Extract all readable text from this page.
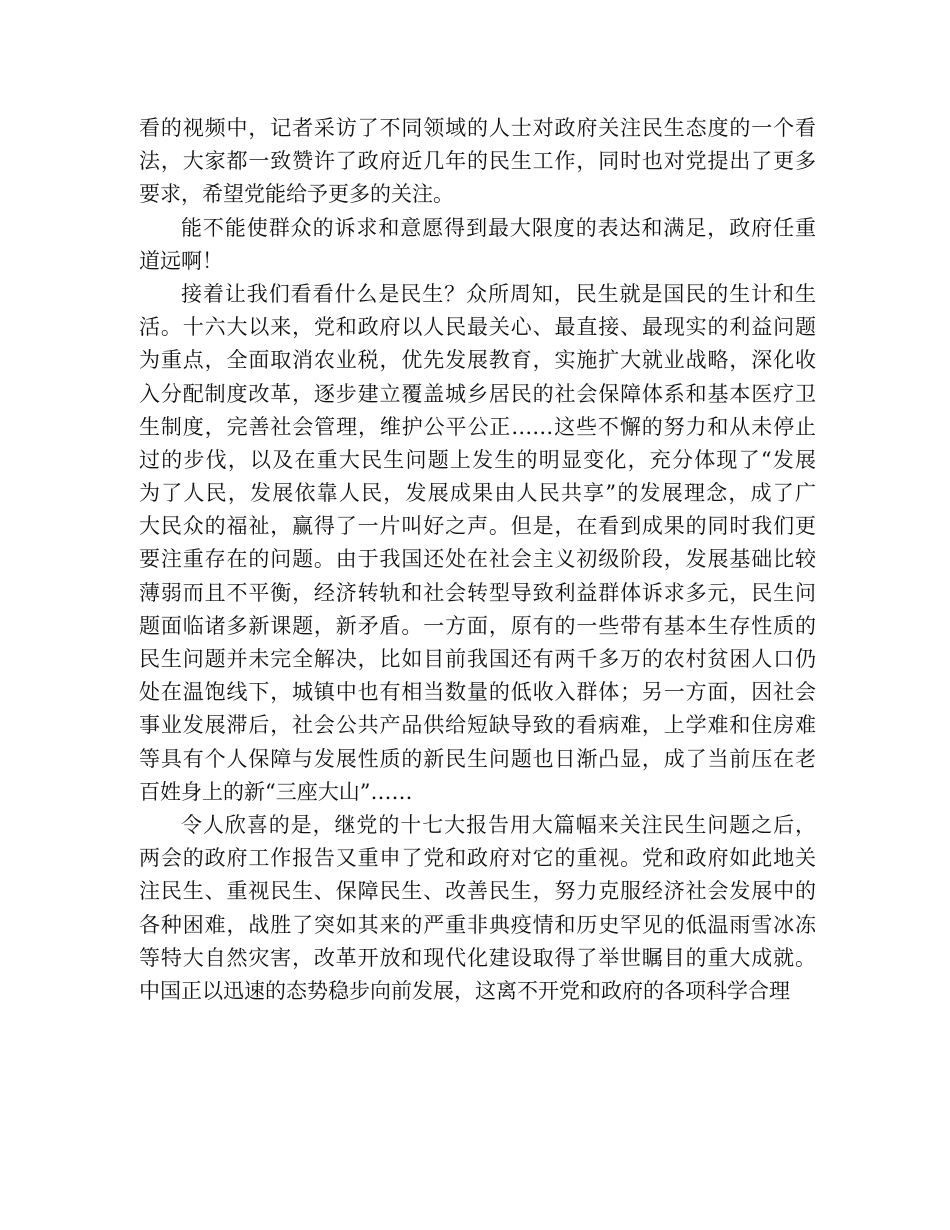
看的视频中，记者采访了不同领域的人士对政府关注民生态度的一个看
法，大家都一致赞许了政府近几年的民生工作，同时也对党提出了更多
要求，希望党能给予更多的关注。
能不能使群众的诉求和意愿得到最大限度的表达和满足，政府任重
道远啊！
接着让我们看看什么是民生？众所周知，民生就是国民的生计和生
活。十六大以来，党和政府以人民最关心、最直接、最现实的利益问题
为重点，全面取消农业税，优先发展教育，实施扩大就业战略，深化收
入分配制度改革，逐步建立覆盖城乡居民的社会保障体系和基本医疗卫
生制度，完善社会管理，维护公平公正……这些不懈的努力和从未停止
过的步伐，以及在重大民生问题上发生的明显变化，充分体现了“发展
为了人民，发展依靠人民，发展成果由人民共享”的发展理念，成了广
大民众的福祉，赢得了一片叫好之声。但是，在看到成果的同时我们更
要注重存在的问题。由于我国还处在社会主义初级阶段，发展基础比较
薄弱而且不平衡，经济转轨和社会转型导致利益群体诉求多元，民生问
题面临诸多新课题，新矛盾。一方面，原有的一些带有基本生存性质的
民生问题并未完全解决，比如目前我国还有两千多万的农村贫困人口仍
处在温饱线下，城镇中也有相当数量的低收入群体；另一方面，因社会
事业发展滞后，社会公共产品供给短缺导致的看病难，上学难和住房难
等具有个人保障与发展性质的新民生问题也日渐凸显，成了当前压在老
百姓身上的新“三座大山”……
令人欣喜的是，继党的十七大报告用大篇幅来关注民生问题之后，
两会的政府工作报告又重申了党和政府对它的重视。党和政府如此地关
注民生、重视民生、保障民生、改善民生，努力克服经济社会发展中的
各种困难，战胜了突如其来的严重非典疫情和历史罕见的低温雨雪冰冻
等特大自然灾害，改革开放和现代化建设取得了举世瞩目的重大成就。
中国正以迅速的态势稳步向前发展，这离不开党和政府的各项科学合理
